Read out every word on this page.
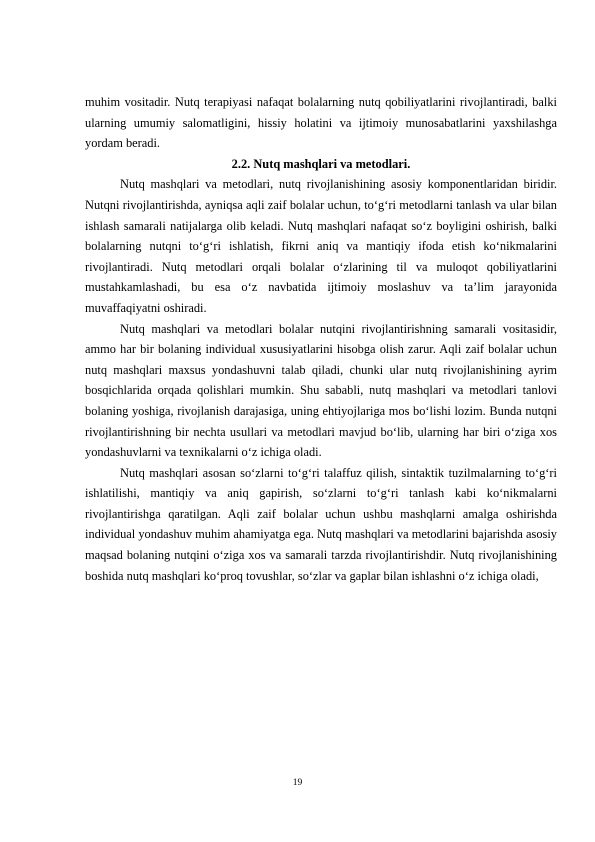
muhim vositadir. Nutq terapiyasi nafaqat bolalarning nutq qobiliyatlarini rivojlantiradi, balki ularning umumiy salomatligini, hissiy holatini va ijtimoiy munosabatlarini yaxshilashga yordam beradi.

2.2. Nutq mashqlari va metodlari.

Nutq mashqlari va metodlari, nutq rivojlanishining asosiy komponentlaridan biridir. Nutqni rivojlantirishda, ayniqsa aqli zaif bolalar uchun, to‘g‘ri metodlarni tanlash va ular bilan ishlash samarali natijalarga olib keladi. Nutq mashqlari nafaqat so‘z boyligini oshirish, balki bolalarning nutqni to‘g‘ri ishlatish, fikrni aniq va mantiqiy ifoda etish ko‘nikmalarini rivojlantiradi. Nutq metodlari orqali bolalar o‘zlarining til va muloqot qobiliyatlarini mustahkamlashadi, bu esa o‘z navbatida ijtimoiy moslashuv va ta’lim jarayonida muvaffaqiyatni oshiradi.

Nutq mashqlari va metodlari bolalar nutqini rivojlantirishning samarali vositasidir, ammo har bir bolaning individual xususiyatlarini hisobga olish zarur. Aqli zaif bolalar uchun nutq mashqlari maxsus yondashuvni talab qiladi, chunki ular nutq rivojlanishining ayrim bosqichlarida orqada qolishlari mumkin. Shu sababli, nutq mashqlari va metodlari tanlovi bolaning yoshiga, rivojlanish darajasiga, uning ehtiyojlariga mos bo‘lishi lozim. Bunda nutqni rivojlantirishning bir nechta usullari va metodlari mavjud bo‘lib, ularning har biri o‘ziga xos yondashuvlarni va texnikalarni o‘z ichiga oladi.

Nutq mashqlari asosan so‘zlarni to‘g‘ri talaffuz qilish, sintaktik tuzilmalarning to‘g‘ri ishlatilishi, mantiqiy va aniq gapirish, so‘zlarni to‘g‘ri tanlash kabi ko‘nikmalarni rivojlantirishga qaratilgan. Aqli zaif bolalar uchun ushbu mashqlarni amalga oshirishda individual yondashuv muhim ahamiyatga ega. Nutq mashqlari va metodlarini bajarishda asosiy maqsad bolaning nutqini o‘ziga xos va samarali tarzda rivojlantirishdir. Nutq rivojlanishining boshida nutq mashqlari ko‘proq tovushlar, so‘zlar va gaplar bilan ishlashni o‘z ichiga oladi,

19
